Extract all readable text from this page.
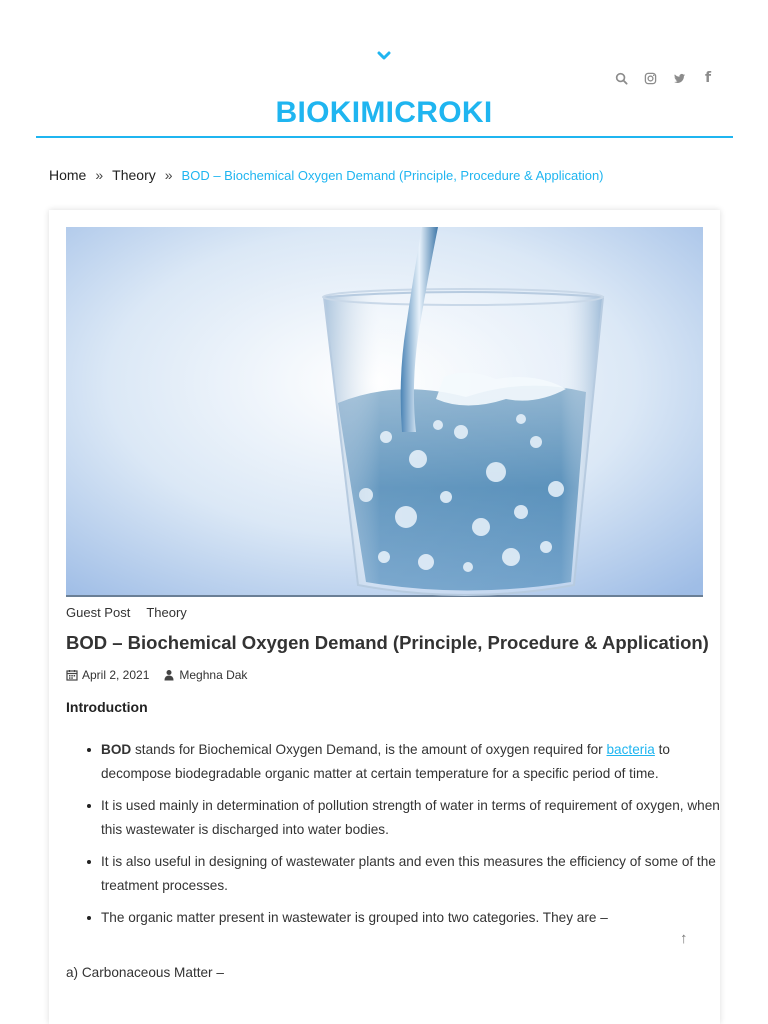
f
BIOKIMICROKI
Home » Theory » BOD – Biochemical Oxygen Demand (Principle, Procedure & Application)
Guest Post Theory
BOD – Biochemical Oxygen Demand (Principle, Procedure & Application)
April 2, 2021	Meghna Dak
Introduction
BOD stands for Biochemical Oxygen Demand, is the amount of oxygen required for bacteria to decompose biodegradable organic matter at certain temperature for a specific period of time.
It is used mainly in determination of pollution strength of water in terms of requirement of oxygen, when this wastewater is discharged into water bodies.
It is also useful in designing of wastewater plants and even this measures the efficiency of some of the treatment processes.
The organic matter present in wastewater is grouped into two categories. They are –
a) Carbonaceous Matter –
↑
